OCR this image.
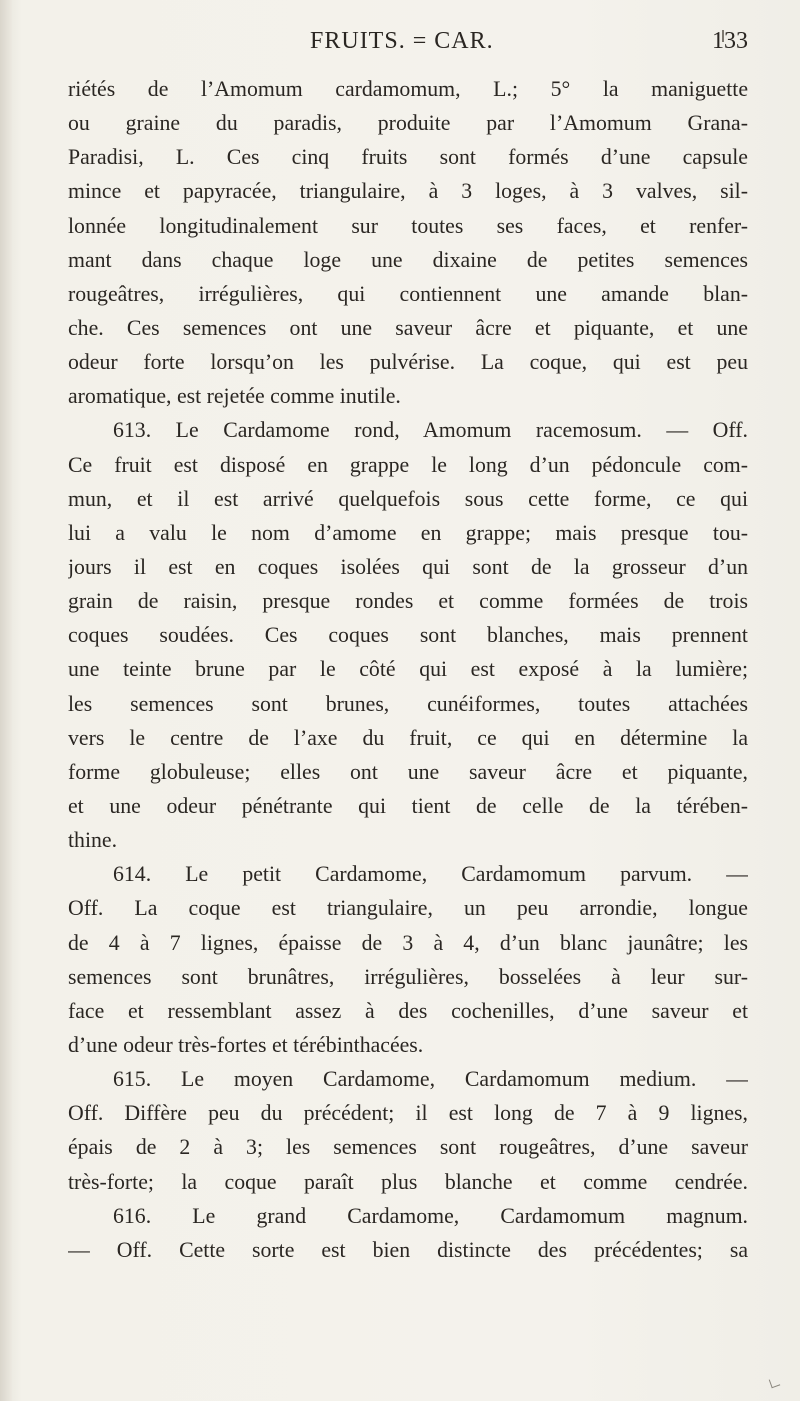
FRUITS. = CAR.	133
riétés de l’Amomum cardamomum, L.; 5° la maniguette
ou graine du paradis, produite par l’Amomum Grana-
Paradisi, L. Ces cinq fruits sont formés d’une capsule
mince et papyracée, triangulaire, à 3 loges, à 3 valves, sil-
lonnée longitudinalement sur toutes ses faces, et renfer-
mant dans chaque loge une dixaine de petites semences
rougeâtres, irrégulières, qui contiennent une amande blan-
che. Ces semences ont une saveur âcre et piquante, et une
odeur forte lorsqu’on les pulvérise. La coque, qui est peu
aromatique, est rejetée comme inutile.
613. Le Cardamome rond, Amomum racemosum. — Off.
Ce fruit est disposé en grappe le long d’un pédoncule com-
mun, et il est arrivé quelquefois sous cette forme, ce qui
lui a valu le nom d’amome en grappe; mais presque tou-
jours il est en coques isolées qui sont de la grosseur d’un
grain de raisin, presque rondes et comme formées de trois
coques soudées. Ces coques sont blanches, mais prennent
une teinte brune par le côté qui est exposé à la lumière;
les semences sont brunes, cunéiformes, toutes attachées
vers le centre de l’axe du fruit, ce qui en détermine la
forme globuleuse; elles ont une saveur âcre et piquante,
et une odeur pénétrante qui tient de celle de la térében-
thine.
614. Le petit Cardamome, Cardamomum parvum. —
Off. La coque est triangulaire, un peu arrondie, longue
de 4 à 7 lignes, épaisse de 3 à 4, d’un blanc jaunâtre; les
semences sont brunâtres, irrégulières, bosselées à leur sur-
face et ressemblant assez à des cochenilles, d’une saveur et
d’une odeur très-fortes et térébinthacées.
615. Le moyen Cardamome, Cardamomum medium. —
Off. Diffère peu du précédent; il est long de 7 à 9 lignes,
épais de 2 à 3; les semences sont rougeâtres, d’une saveur
très-forte; la coque paraît plus blanche et comme cendrée.
616. Le grand Cardamome, Cardamomum magnum.
— Off. Cette sorte est bien distincte des précédentes; sa
